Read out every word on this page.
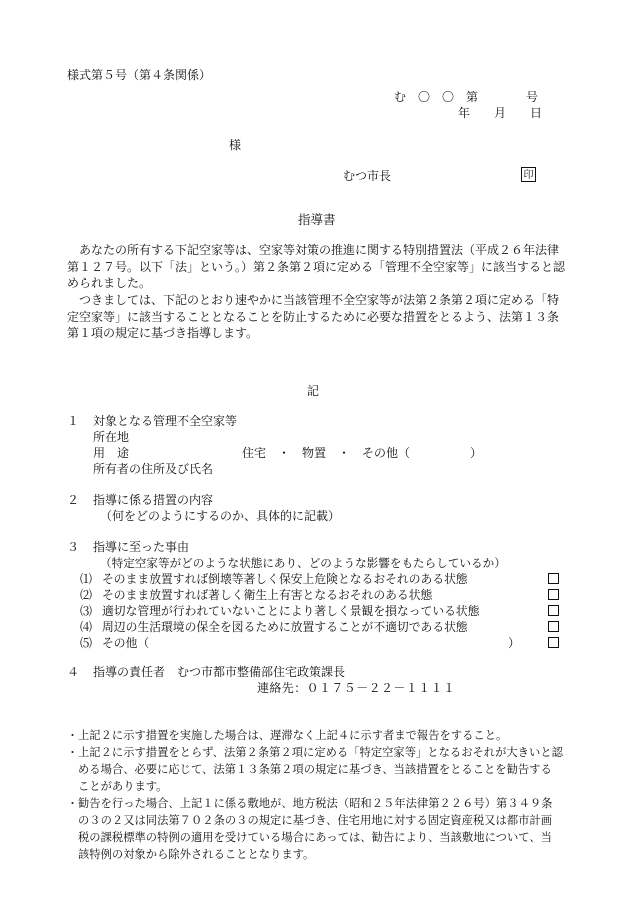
様式第５号（第４条関係）
む　〇　〇　第　　　　号
年　　月　　日
様
むつ市長	印
指導書
あなたの所有する下記空家等は、空家等対策の推進に関する特別措置法（平成２６年法律第１２７号。以下「法」という。）第２条第２項に定める「管理不全空家等」に該当すると認められました。
つきましては、下記のとおり速やかに当該管理不全空家等が法第２条第２項に定める「特定空家等」に該当することとなることを防止するために必要な措置をとるよう、法第１３条第１項の規定に基づき指導します。
記
１ 対象となる管理不全空家等
所在地
用　途	住宅　・　物置　・　その他（　　　　　）
所有者の住所及び氏名
２ 指導に係る措置の内容
（何をどのようにするのか、具体的に記載）
３ 指導に至った事由
（特定空家等がどのような状態にあり、どのような影響をもたらしているか）
⑴ そのまま放置すれば倒壊等著しく保安上危険となるおそれのある状態
⑵ そのまま放置すれば著しく衛生上有害となるおそれのある状態
⑶ 適切な管理が行われていないことにより著しく景観を損なっている状態
⑷ 周辺の生活環境の保全を図るために放置することが不適切である状態
⑸ その他（	）
４ 指導の責任者　むつ市都市整備部住宅政策課長
連絡先：０１７５－２２－１１１１
・ 上記２に示す措置を実施した場合は、遅滞なく上記４に示す者まで報告をすること。
・ 上記２に示す措置をとらず、法第２条第２項に定める「特定空家等」となるおそれが大きいと認める場合、必要に応じて、法第１３条第２項の規定に基づき、当該措置をとることを勧告することがあります。
・ 勧告を行った場合、上記１に係る敷地が、地方税法（昭和２５年法律第２２６号）第３４９条の３の２又は同法第７０２条の３の規定に基づき、住宅用地に対する固定資産税又は都市計画税の課税標準の特例の適用を受けている場合にあっては、勧告により、当該敷地について、当該特例の対象から除外されることとなります。
